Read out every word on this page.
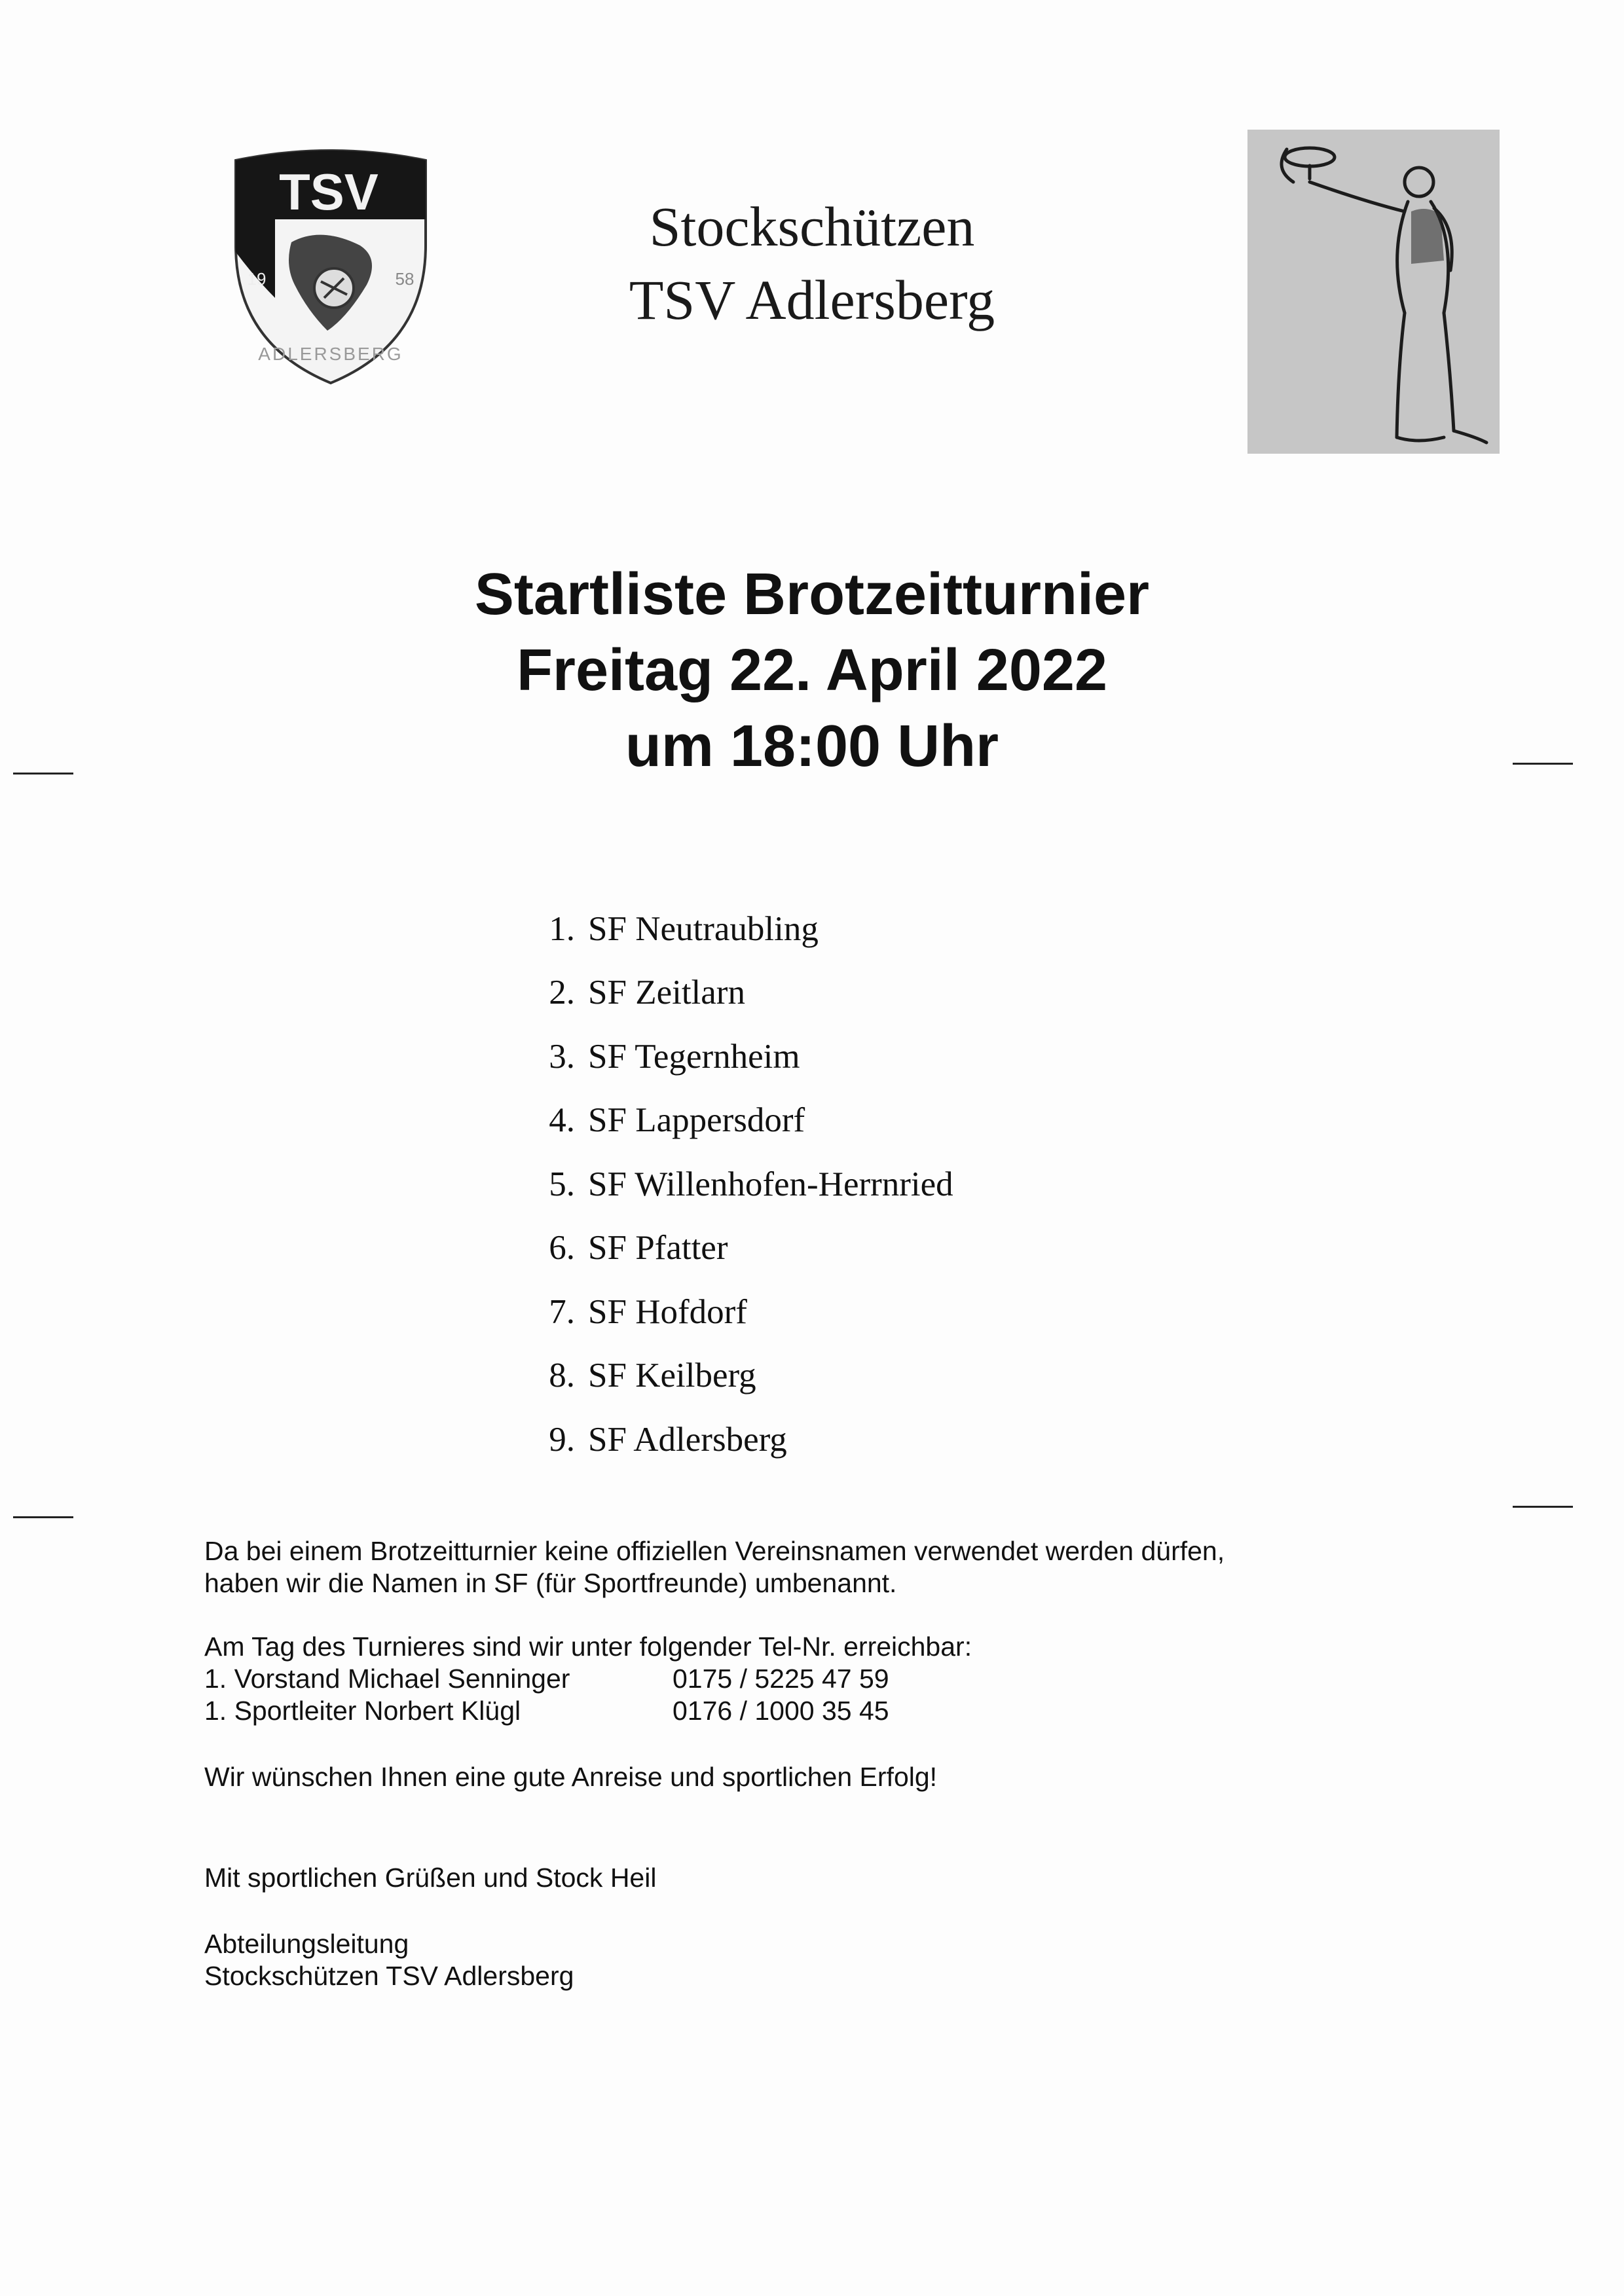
TSV
19	58
ADLERSBERG
Stockschützen
TSV Adlersberg
Startliste Brotzeitturnier
Freitag 22. April 2022
um 18:00 Uhr
1. SF Neutraubling
2. SF Zeitlarn
3. SF Tegernheim
4. SF Lappersdorf
5. SF Willenhofen-Herrnried
6. SF Pfatter
7. SF Hofdorf
8. SF Keilberg
9. SF Adlersberg

Da bei einem Brotzeitturnier keine offiziellen Vereinsnamen verwendet werden dürfen,

haben wir die Namen in SF (für Sportfreunde) umbenannt.

Am Tag des Turnieres sind wir unter folgender Tel-Nr. erreichbar:

1. Vorstand Michael Senninger	0175 / 5225 47 59
1. Sportleiter Norbert Klügl	0176 / 1000 35 45

Wir wünschen Ihnen eine gute Anreise und sportlichen Erfolg!

Mit sportlichen Grüßen und Stock Heil

Abteilungsleitung

Stockschützen TSV Adlersberg
